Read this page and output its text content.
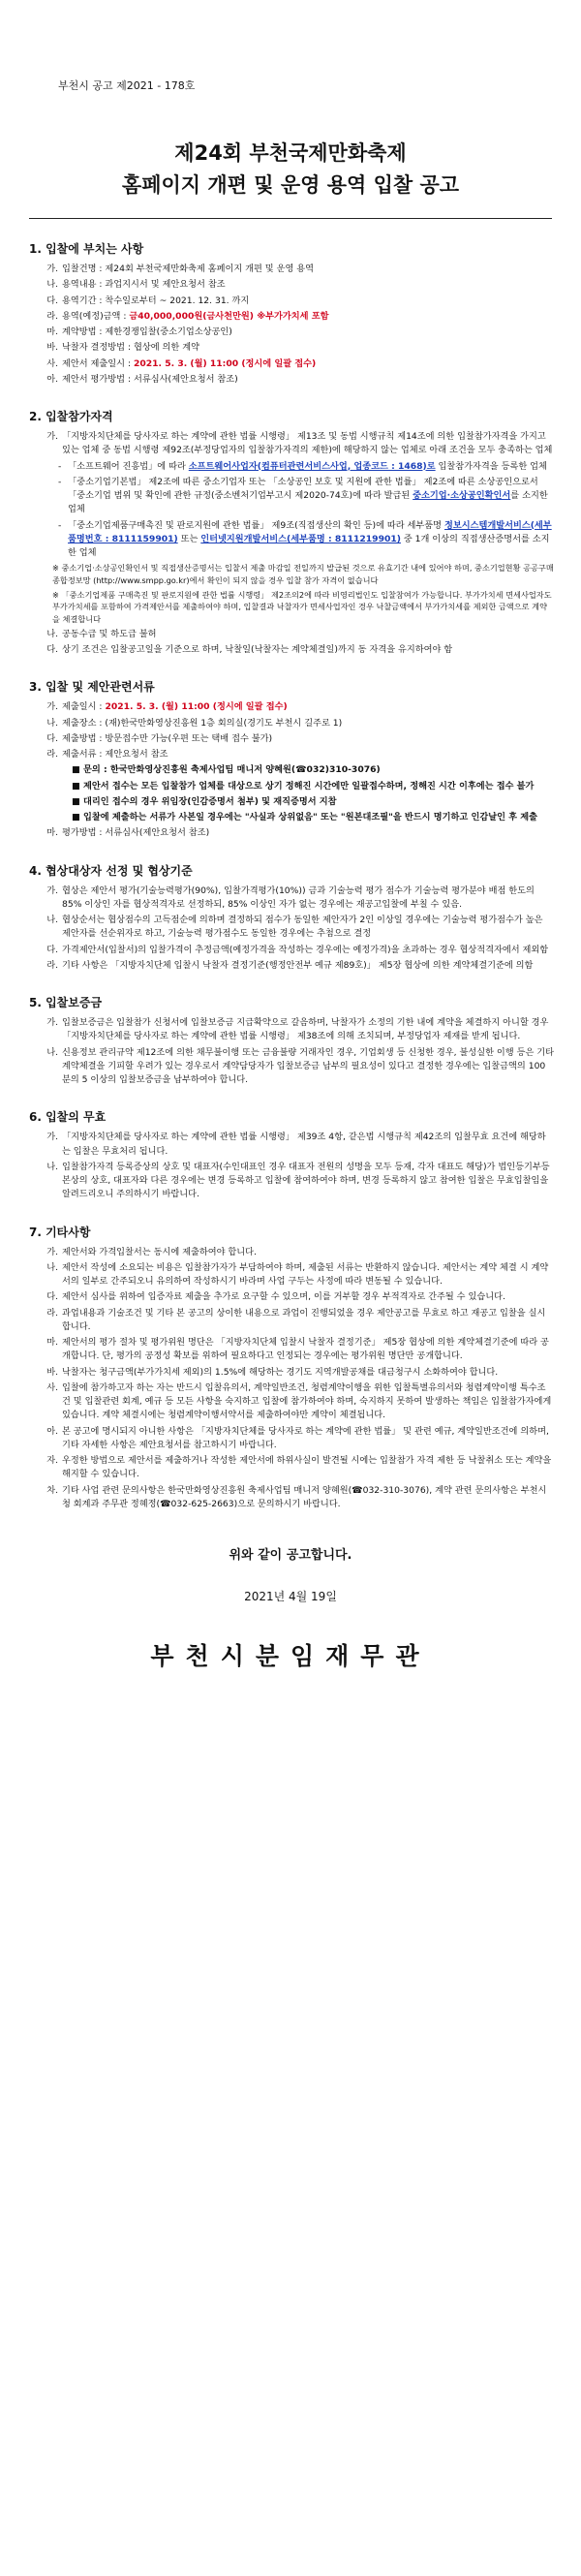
부천시 공고 제2021 - 178호
제24회 부천국제만화축제
홈페이지 개편 및 운영 용역 입찰 공고
1. 입찰에 부치는 사항
가. 입찰건명 : 제24회 부천국제만화축제 홈페이지 개편 및 운영 용역
나. 용역내용 : 과업지시서 및 제안요청서 참조
다. 용역기간 : 착수일로부터 ~ 2021. 12. 31. 까지
라. 용역(예정)금액 : 금40,000,000원(금사천만원) ※부가가치세 포함
마. 계약방법 : 제한경쟁입찰(중소기업소상공인)
바. 낙찰자 결정방법 : 협상에 의한 계약
사. 제안서 제출일시 : 2021. 5. 3. (월) 11:00 (정시에 일괄 접수)
아. 제안서 평가방법 : 서류심사(제안요청서 참조)
2. 입찰참가자격
가. 「지방자치단체를 당사자로 하는 계약에 관한 법률 시행령」 제13조 및 동법 시행규칙 제14조에 의한 입찰참가자격을 가지고 있는 업체 중 동법 시행령 제92조(부정당업자의 입찰참가자격의 제한)에 해당하지 않는 업체로 아래 조건을 모두 충족하는 업체
- 「소프트웨어 진흥법」에 따라 소프트웨어사업자(컴퓨터관련서비스사업, 업종코드 : 1468)로 입찰참가자격을 등록한 업체
- 「중소기업기본법」 제2조에 따른 중소기업자 또는 「소상공인 보호 및 지원에 관한 법률」 제2조에 따른 소상공인으로서 「중소기업 범위 및 확인에 관한 규정(중소벤처기업부고시 제2020-74호)에 따라 발급된 중소기업·소상공인확인서를 소지한 업체
- 「중소기업제품구매촉진 및 판로지원에 관한 법률」 제9조(직접생산의 확인 등)에 따라 세부품명 정보시스템개발서비스(세부품명번호 : 8111159901) 또는 인터넷지원개발서비스(세부품명 : 8111219901) 중 1개 이상의 직접생산증명서를 소지한 업체
※ 중소기업·소상공인확인서 및 직접생산증명서는 입찰서 제출 마감일 전일까지 발급된 것으로 유효기간 내에 있어야 하며, 중소기업현황 공공구매 종합정보망 (http://www.smpp.go.kr)에서 확인이 되지 않을 경우 입찰 참가 자격이 없습니다
※ 「중소기업제품 구매촉진 및 판로지원에 관한 법률 시행령」 제2조의2에 따라 비영리법인도 입찰참여가 가능합니다. 부가가치세 면세사업자도 부가가치세를 포함하여 가격제안서를 제출하여야 하며, 입찰결과 낙찰자가 면세사업자인 경우 낙찰금액에서 부가가치세를 제외한 금액으로 계약을 체결합니다
나. 공동수급 및 하도급 불허
다. 상기 조건은 입찰공고일을 기준으로 하며, 낙찰일(낙찰자는 계약체결일)까지 동 자격을 유지하여야 함
3. 입찰 및 제안관련서류
가. 제출일시 : 2021. 5. 3. (월) 11:00 (정시에 일괄 접수)
나. 제출장소 : (재)한국만화영상진흥원 1층 회의실(경기도 부천시 길주로 1)
다. 제출방법 : 방문접수만 가능(우편 또는 택배 접수 불가)
라. 제출서류 : 제안요청서 참조
■ 문의 : 한국만화영상진흥원 축제사업팀 매니저 양혜원(☎032)310-3076)
■ 제안서 접수는 모든 입찰참가 업체를 대상으로 상기 정해진 시간에만 일괄접수하며, 정해진 시간 이후에는 접수 불가
■ 대리인 접수의 경우 위임장(인감증명서 첨부) 및 재직증명서 지참
■ 입찰에 제출하는 서류가 사본일 경우에는 "사실과 상위없음" 또는 "원본대조필"을 반드시 명기하고 인감날인 후 제출
마. 평가방법 : 서류심사(제안요청서 참조)
4. 협상대상자 선정 및 협상기준
가. 협상은 제안서 평가(기술능력평가(90%), 입찰가격평가(10%)) 금과 기술능력 평가 점수가 기술능력 평가분야 배점 한도의 85% 이상인 자를 협상적격자로 선정하되, 85% 이상인 자가 없는 경우에는 재공고입찰에 부칠 수 있음.
나. 협상순서는 협상점수의 고득점순에 의하며 결정하되 점수가 동일한 제안자가 2인 이상일 경우에는 기술능력 평가점수가 높은 제안자를 선순위자로 하고, 기술능력 평가점수도 동일한 경우에는 추첨으로 결정
다. 가격제안서(입찰서)의 입찰가격이 추정금액(예정가격을 작성하는 경우에는 예정가격)을 초과하는 경우 협상적격자에서 제외함
라. 기타 사항은 「지방자치단체 입찰시 낙찰자 결정기준(행정안전부 예규 제89호)」 제5장 협상에 의한 계약체결기준에 의함
5. 입찰보증금
가. 입찰보증금은 입찰참가 신청서에 입찰보증금 지급확약으로 갈음하며, 낙찰자가 소정의 기한 내에 계약을 체결하지 아니할 경우 「지방자치단체를 당사자로 하는 계약에 관한 법률 시행령」 제38조에 의해 조치되며, 부정당업자 제재를 받게 됩니다.
나. 신용정보 관리규약 제12조에 의한 채무불이행 또는 금융불량 거래자인 경우, 기업회생 등 신청한 경우, 불성실한 이행 등은 기타 계약체결을 기피할 우려가 있는 경우로서 계약담당자가 입찰보증금 납부의 필요성이 있다고 결정한 경우에는 입찰금액의 100분의 5 이상의 입찰보증금을 납부하여야 합니다.
6. 입찰의 무효
가. 「지방자치단체를 당사자로 하는 계약에 관한 법률 시행령」 제39조 4항, 같은법 시행규칙 제42조의 입찰무효 요건에 해당하는 입찰은 무효처리 됩니다.
나. 입찰참가자격 등록증상의 상호 및 대표자(수인대표인 경우 대표자 전원의 성명을 모두 등재, 각자 대표도 해당)가 법인등기부등본상의 상호, 대표자와 다른 경우에는 변경 등록하고 입찰에 참여하여야 하며, 변경 등록하지 않고 참여한 입찰은 무효입찰임을 알려드리오니 주의하시기 바랍니다.
7. 기타사항
가. 제안서와 가격입찰서는 동시에 제출하여야 합니다.
나. 제안서 작성에 소요되는 비용은 입찰참가자가 부담하여야 하며, 제출된 서류는 반환하지 않습니다. 제안서는 계약 체결 시 계약서의 일부로 간주되오니 유의하여 작성하시기 바라며 사업 구두는 사정에 따라 변동될 수 있습니다.
다. 제안서 심사를 위하여 입증자료 제출을 추가로 요구할 수 있으며, 이를 거부할 경우 부적격자로 간주될 수 있습니다.
라. 과업내용과 기술조건 및 기타 본 공고의 상이한 내용으로 과업이 진행되었을 경우 제안공고를 무효로 하고 재공고 입찰을 실시합니다.
마. 제안서의 평가 절차 및 평가위원 명단은 「지방자치단체 입찰시 낙찰자 결정기준」 제5장 협상에 의한 계약체결기준에 따라 공개합니다. 단, 평가의 공정성 확보를 위하여 필요하다고 인정되는 경우에는 평가위원 명단만 공개합니다.
바. 낙찰자는 청구금액(부가가치세 제외)의 1.5%에 해당하는 경기도 지역개발공채를 대금청구시 소화하여야 합니다.
사. 입찰에 참가하고자 하는 자는 반드시 입찰유의서, 계약일반조건, 청렴계약이행을 위한 입찰특별유의서와 청렴계약이행 특수조건 및 입찰관련 회계, 예규 등 모든 사항을 숙지하고 입찰에 참가하여야 하며, 숙지하지 못하여 발생하는 책임은 입찰참가자에게 있습니다. 계약 체결시에는 청렴계약이행서약서를 제출하여야만 계약이 체결됩니다.
아. 본 공고에 명시되지 아니한 사항은 「지방자치단체를 당사자로 하는 계약에 관한 법률」 및 관련 예규, 계약일반조건에 의하며, 기타 자세한 사항은 제안요청서를 참고하시기 바랍니다.
자. 우정한 방법으로 제안서를 제출하거나 작성한 제안서에 하위사실이 발견될 시에는 입찰참가 자격 제한 등 낙찰취소 또는 계약을 해지할 수 있습니다.
차. 기타 사업 관련 문의사항은 한국만화영상진흥원 축제사업팀 매니저 양혜원(☎032-310-3076), 계약 관련 문의사항은 부천시청 회계과 주무관 정혜정(☎032-625-2663)으로 문의하시기 바랍니다.
위와 같이 공고합니다.
2021년 4월 19일
부천시분임재무관
